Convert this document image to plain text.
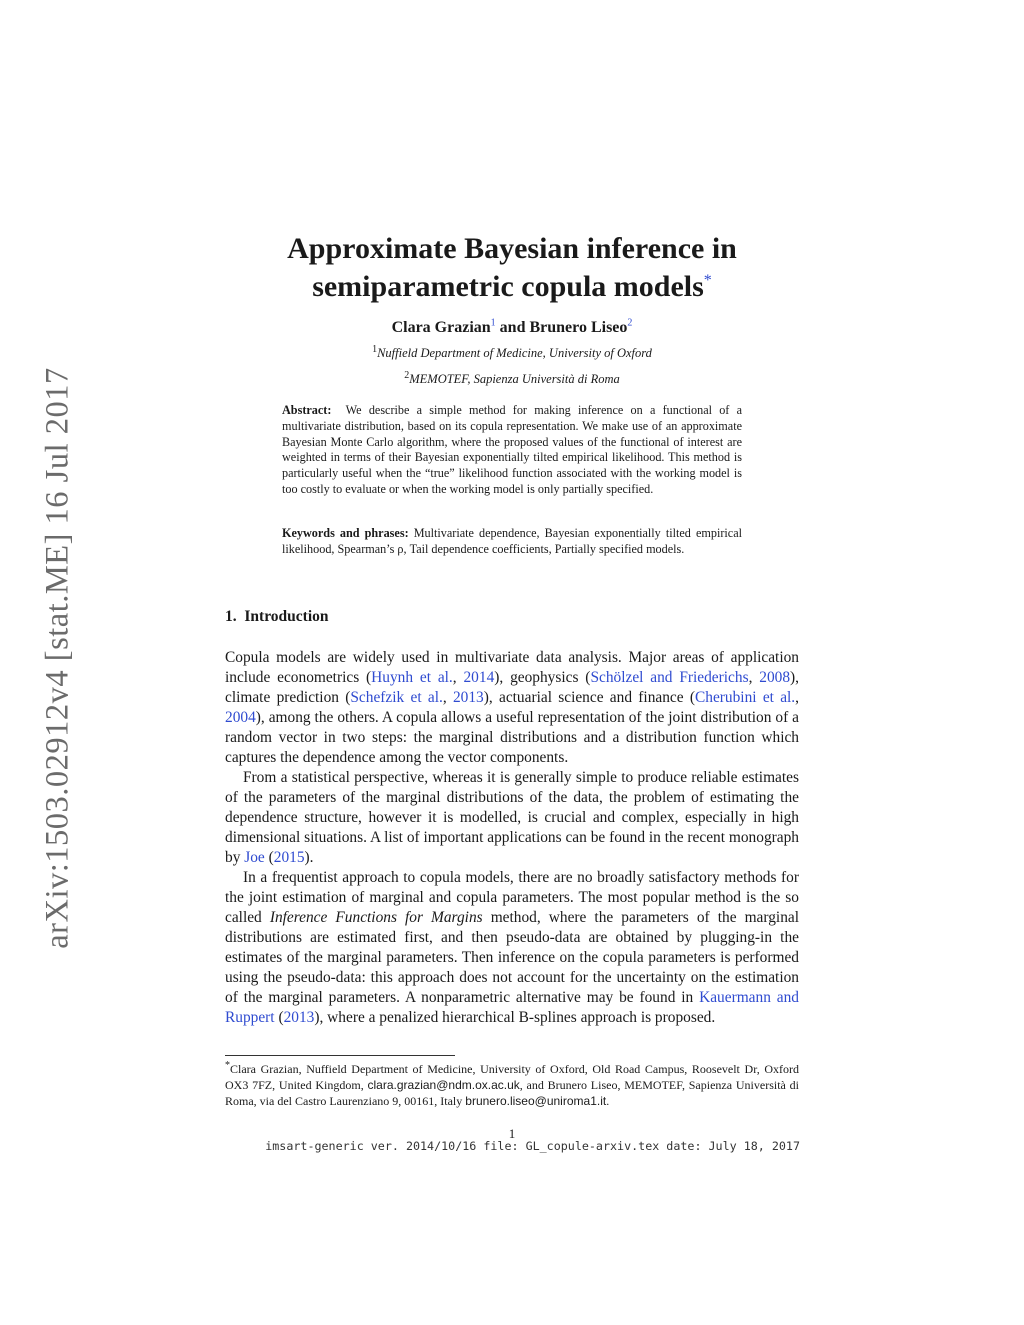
arXiv:1503.02912v4 [stat.ME] 16 Jul 2017
Approximate Bayesian inference in
semiparametric copula models*
Clara Grazian$^1$ and Brunero Liseo$^2$
$^1$Nuffield Department of Medicine, University of Oxford
$^2$MEMOTEF, Sapienza Università di Roma
Abstract: We describe a simple method for making inference on a functional of a multivariate distribution, based on its copula representation. We make use of an approximate Bayesian Monte Carlo algorithm, where the proposed values of the functional of interest are weighted in terms of their Bayesian exponentially tilted empirical likelihood. This method is particularly useful when the “true” likelihood function associated with the working model is too costly to evaluate or when the working model is only partially specified.
Keywords and phrases: Multivariate dependence, Bayesian exponentially tilted empirical likelihood, Spearman’s ρ, Tail dependence coefficients, Partially specified models.
1. Introduction

Copula models are widely used in multivariate data analysis. Major areas of application include econometrics (Huynh et al., 2014), geophysics (Schölzel and Friederichs, 2008), climate prediction (Schefzik et al., 2013), actuarial science and finance (Cherubini et al., 2004), among the others. A copula allows a useful representation of the joint distribution of a random vector in two steps: the marginal distributions and a distribution function which captures the dependence among the vector components.

From a statistical perspective, whereas it is generally simple to produce reliable estimates of the parameters of the marginal distributions of the data, the problem of estimating the dependence structure, however it is modelled, is crucial and complex, especially in high dimensional situations. A list of important applications can be found in the recent monograph by Joe (2015).

In a frequentist approach to copula models, there are no broadly satisfactory methods for the joint estimation of marginal and copula parameters. The most popular method is the so called Inference Functions for Margins method, where the parameters of the marginal distributions are estimated first, and then pseudo-data are obtained by plugging-in the estimates of the marginal parameters. Then inference on the copula parameters is performed using the pseudo-data: this approach does not account for the uncertainty on the estimation of the marginal parameters. A nonparametric alternative may be found in Kauermann and Ruppert (2013), where a penalized hierarchical B-splines approach is proposed.

*Clara Grazian, Nuffield Department of Medicine, University of Oxford, Old Road Campus, Roosevelt Dr, Oxford OX3 7FZ, United Kingdom, clara.grazian@ndm.ox.ac.uk, and Brunero Liseo, MEMOTEF, Sapienza Università di Roma, via del Castro Laurenziano 9, 00161, Italy brunero.liseo@uniroma1.it.
1
imsart-generic ver. 2014/10/16 file: GL_copule-arxiv.tex date: July 18, 2017
